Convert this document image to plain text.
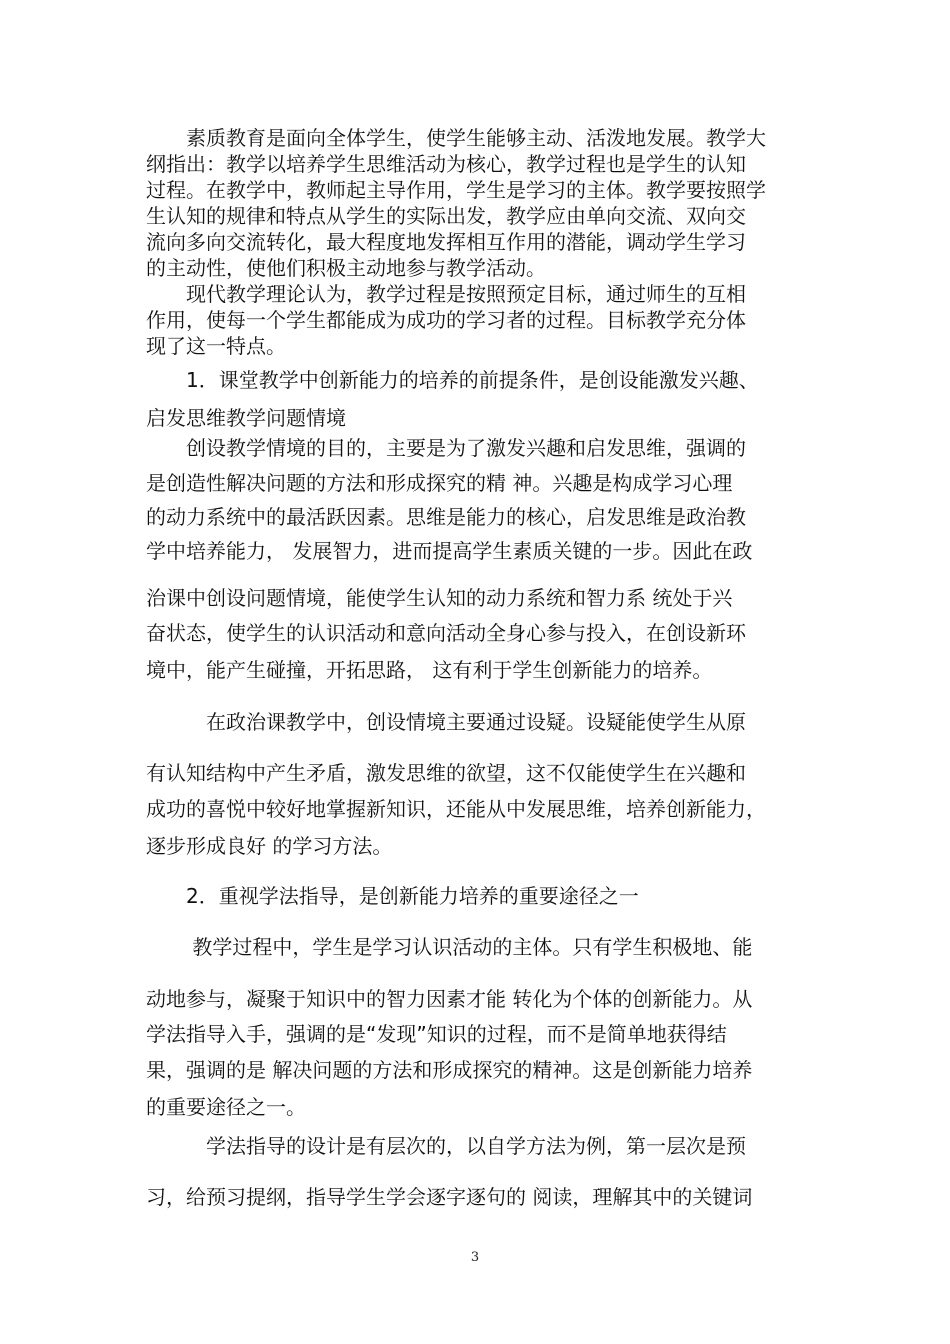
　　素质教育是面向全体学生，使学生能够主动、活泼地发展。教学大
纲指出：教学以培养学生思维活动为核心，教学过程也是学生的认知
过程。在教学中，教师起主导作用，学生是学习的主体。教学要按照学
生认知的规律和特点从学生的实际出发，教学应由单向交流、双向交
流向多向交流转化，最大程度地发挥相互作用的潜能，调动学生学习
的主动性，使他们积极主动地参与教学活动。
　　现代教学理论认为，教学过程是按照预定目标，通过师生的互相
作用，使每一个学生都能成为成功的学习者的过程。目标教学充分体
现了这一特点。
　　1．课堂教学中创新能力的培养的前提条件，是创设能激发兴趣、
启发思维教学问题情境
　　创设教学情境的目的，主要是为了激发兴趣和启发思维，强调的
是创造性解决问题的方法和形成探究的精 神。兴趣是构成学习心理
的动力系统中的最活跃因素。思维是能力的核心，启发思维是政治教
学中培养能力， 发展智力，进而提高学生素质关键的一步。因此在政
治课中创设问题情境，能使学生认知的动力系统和智力系 统处于兴
奋状态，使学生的认识活动和意向活动全身心参与投入，在创设新环
境中，能产生碰撞，开拓思路， 这有利于学生创新能力的培养。
　　　在政治课教学中，创设情境主要通过设疑。设疑能使学生从原
有认知结构中产生矛盾，激发思维的欲望，这不仅能使学生在兴趣和
成功的喜悦中较好地掌握新知识，还能从中发展思维，培养创新能力，
逐步形成良好 的学习方法。
　　2．重视学法指导，是创新能力培养的重要途径之一
　　 教学过程中，学生是学习认识活动的主体。只有学生积极地、能
动地参与，凝聚于知识中的智力因素才能 转化为个体的创新能力。从
学法指导入手，强调的是“发现”知识的过程，而不是简单地获得结
果，强调的是 解决问题的方法和形成探究的精神。这是创新能力培养
的重要途径之一。
　　　学法指导的设计是有层次的，以自学方法为例，第一层次是预
习，给预习提纲，指导学生学会逐字逐句的 阅读，理解其中的关键词
3
